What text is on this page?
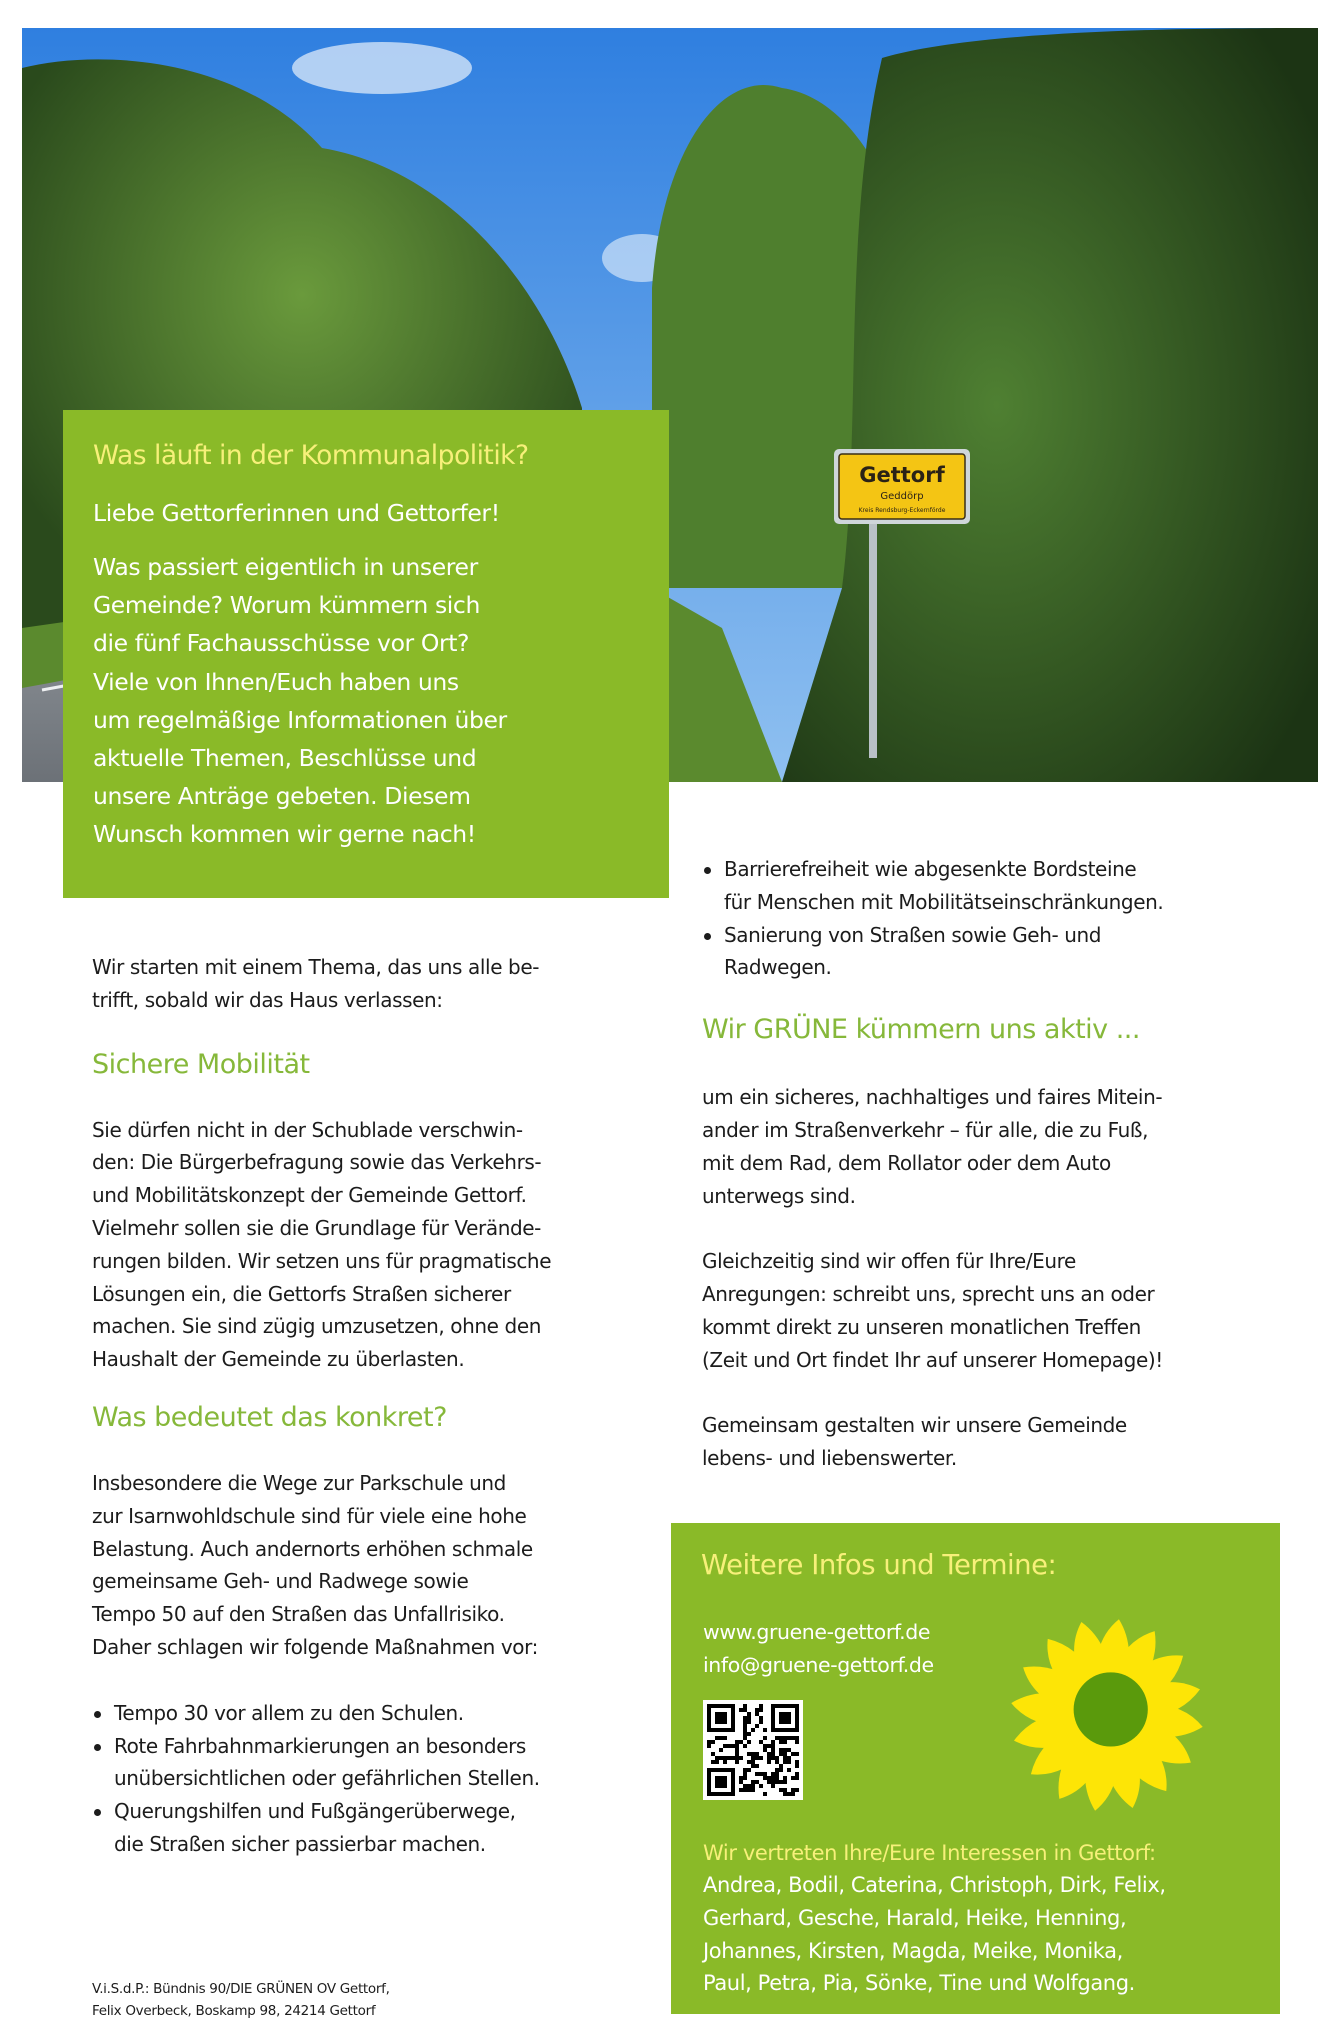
Gettorf
Geddörp
Kreis Rendsburg-Eckernförde
Was läuft in der Kommunalpolitik?

Liebe Gettorferinnen und Gettorfer!

Was passiert eigentlich in unserer
Gemeinde? Worum kümmern sich
die fünf Fachausschüsse vor Ort?
Viele von Ihnen/Euch haben uns
um regelmäßige Informationen über
aktuelle Themen, Beschlüsse und
unsere Anträge gebeten. Diesem
Wunsch kommen wir gerne nach!

Wir starten mit einem Thema, das uns alle be-
trifft, sobald wir das Haus verlassen:

Sichere Mobilität

Sie dürfen nicht in der Schublade verschwin-
den: Die Bürgerbefragung sowie das Verkehrs-
und Mobilitätskonzept der Gemeinde Gettorf.
Vielmehr sollen sie die Grundlage für Verände-
rungen bilden. Wir setzen uns für pragmatische
Lösungen ein, die Gettorfs Straßen sicherer
machen. Sie sind zügig umzusetzen, ohne den
Haushalt der Gemeinde zu überlasten.

Was bedeutet das konkret?

Insbesondere die Wege zur Parkschule und
zur Isarnwohldschule sind für viele eine hohe
Belastung. Auch andernorts erhöhen schmale
gemeinsame Geh- und Radwege sowie
Tempo 50 auf den Straßen das Unfallrisiko.
Daher schlagen wir folgende Maßnahmen vor:

Tempo 30 vor allem zu den Schulen.
Rote Fahrbahnmarkierungen an besonders
unübersichtlichen oder gefährlichen Stellen.
Querungshilfen und Fußgängerüberwege,
die Straßen sicher passierbar machen.
Barrierefreiheit wie abgesenkte Bordsteine
für Menschen mit Mobilitätseinschränkungen.
Sanierung von Straßen sowie Geh- und
Radwegen.
Wir GRÜNE kümmern uns aktiv ...

um ein sicheres, nachhaltiges und faires Mitein-
ander im Straßenverkehr – für alle, die zu Fuß,
mit dem Rad, dem Rollator oder dem Auto
unterwegs sind.

Gleichzeitig sind wir offen für Ihre/Eure
Anregungen: schreibt uns, sprecht uns an oder
kommt direkt zu unseren monatlichen Treffen
(Zeit und Ort findet Ihr auf unserer Homepage)!

Gemeinsam gestalten wir unsere Gemeinde
lebens- und liebenswerter.

Weitere Infos und Termine:
www.gruene-gettorf.de
info@gruene-gettorf.de
Wir vertreten Ihre/Eure Interessen in Gettorf:
Andrea, Bodil, Caterina, Christoph, Dirk, Felix,
Gerhard, Gesche, Harald, Heike, Henning,
Johannes, Kirsten, Magda, Meike, Monika,
Paul, Petra, Pia, Sönke, Tine und Wolfgang.
V.i.S.d.P.: Bündnis 90/DIE GRÜNEN OV Gettorf,
Felix Overbeck, Boskamp 98, 24214 Gettorf
